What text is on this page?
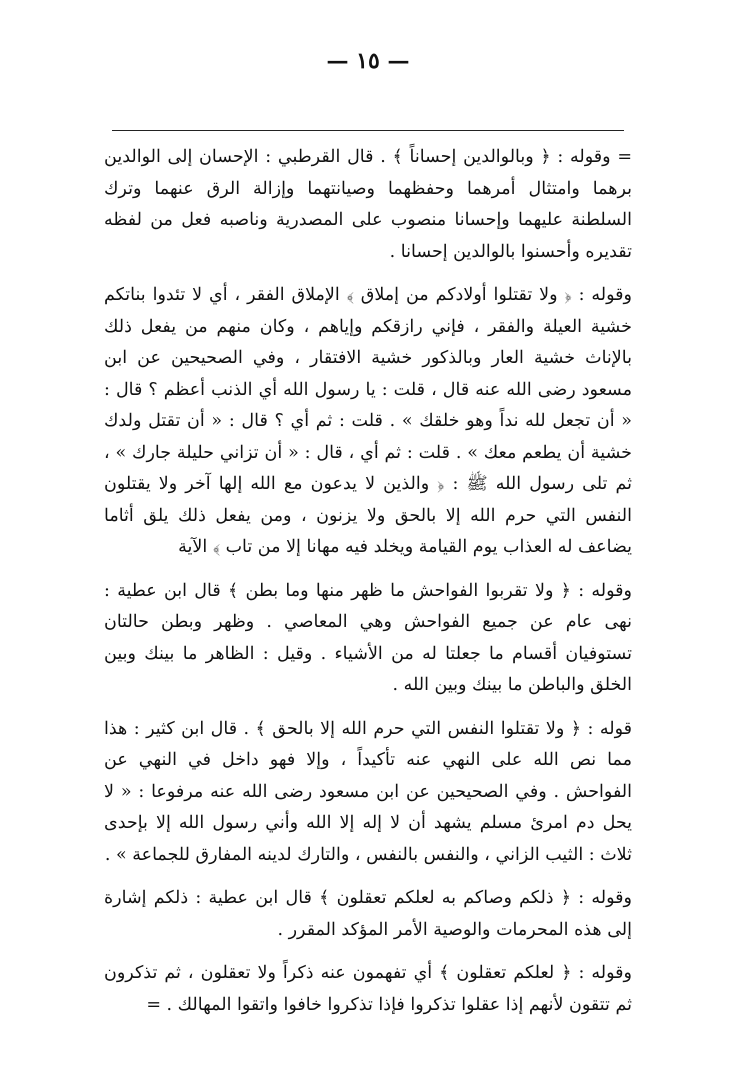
— ١٥ —

= وقوله : ﴿ وبالوالدين إحساناً ﴾ . قال القرطبي : الإحسان إلى الوالدين برهما وامتثال أمرهما وحفظهما وصيانتهما وإزالة الرق عنهما وترك السلطنة عليهما وإحسانا منصوب على المصدرية وناصبه فعل من لفظه تقديره وأحسنوا بالوالدين إحسانا .

وقوله : ﴿ ولا تقتلوا أولادكم من إملاق ﴾ الإملاق الفقر ، أي لا تئدوا بناتكم خشية العيلة والفقر ، فإني رازقكم وإياهم ، وكان منهم من يفعل ذلك بالإناث خشية العار وبالذكور خشية الافتقار ، وفي الصحيحين عن ابن مسعود رضى الله عنه قال ، قلت : يا رسول الله أي الذنب أعظم ؟ قال : « أن تجعل لله نداً وهو خلقك » . قلت : ثم أي ؟ قال : « أن تقتل ولدك خشية أن يطعم معك » . قلت : ثم أي ، قال : « أن تزاني حليلة جارك » ، ثم تلى رسول الله ﷺ : ﴿ والذين لا يدعون مع الله إلها آخر ولا يقتلون النفس التي حرم الله إلا بالحق ولا يزنون ، ومن يفعل ذلك يلق أثاما يضاعف له العذاب يوم القيامة ويخلد فيه مهانا إلا من تاب ﴾ الآية

وقوله : ﴿ ولا تقربوا الفواحش ما ظهر منها وما بطن ﴾ قال ابن عطية : نهى عام عن جميع الفواحش وهي المعاصي . وظهر وبطن حالتان تستوفيان أقسام ما جعلتا له من الأشياء . وقيل : الظاهر ما بينك وبين الخلق والباطن ما بينك وبين الله .

قوله : ﴿ ولا تقتلوا النفس التي حرم الله إلا بالحق ﴾ . قال ابن كثير : هذا مما نص الله على النهي عنه تأكيداً ، وإلا فهو داخل في النهي عن الفواحش . وفي الصحيحين عن ابن مسعود رضى الله عنه مرفوعا : « لا يحل دم امرئ مسلم يشهد أن لا إله إلا الله وأني رسول الله إلا بإحدى ثلاث : الثيب الزاني ، والنفس بالنفس ، والتارك لدينه المفارق للجماعة » .

وقوله : ﴿ ذلكم وصاكم به لعلكم تعقلون ﴾ قال ابن عطية : ذلكم إشارة إلى هذه المحرمات والوصية الأمر المؤكد المقرر .

وقوله : ﴿ لعلكم تعقلون ﴾ أي تفهمون عنه ذكراً ولا تعقلون ، ثم تذكرون ثم تتقون لأنهم إذا عقلوا تذكروا فإذا تذكروا خافوا واتقوا المهالك . =
